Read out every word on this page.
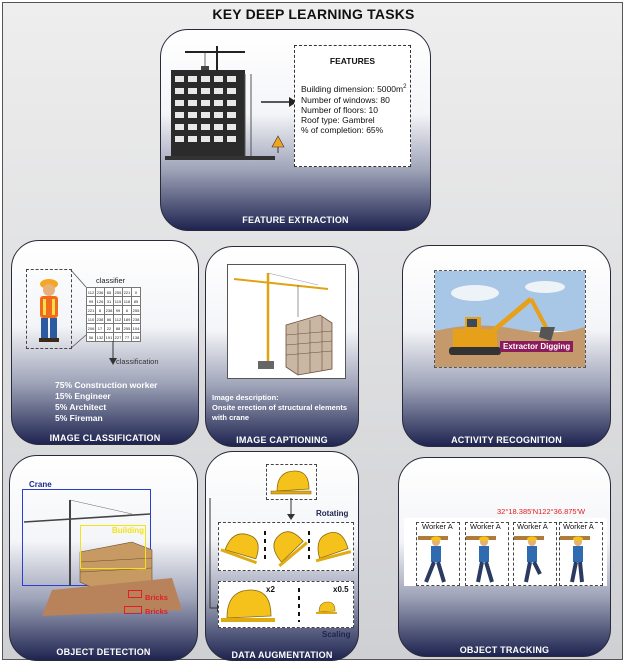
KEY DEEP LEARNING TASKS
FEATURES
Building dimension: $5000m^2$
Number of windows: 80
Number of floors: 10
Roof type: Gambrel
% of completion: 65%
FEATURE EXTRACTION
classifier
112	236	65	255	221	0
99	126	31	115	116	85
221	8	238	99	6	255
110	238	86	112	189	238
206	17	22	88	255	104
56	132	191	227	77	138
classification
75% Construction worker
15% Engineer
5% Architect
5% Fireman
IMAGE CLASSIFICATION
Image description:
Onsite erection of structural elements
with crane
IMAGE CAPTIONING
Extractor Digging
ACTIVITY RECOGNITION
Crane
Building
Bricks
Bricks
OBJECT DETECTION
Rotating
x2	x0.5
Scaling
DATA AUGMENTATION
32°18.385'N122°36.875'W
Worker A Worker A Worker A Worker A
OBJECT TRACKING
